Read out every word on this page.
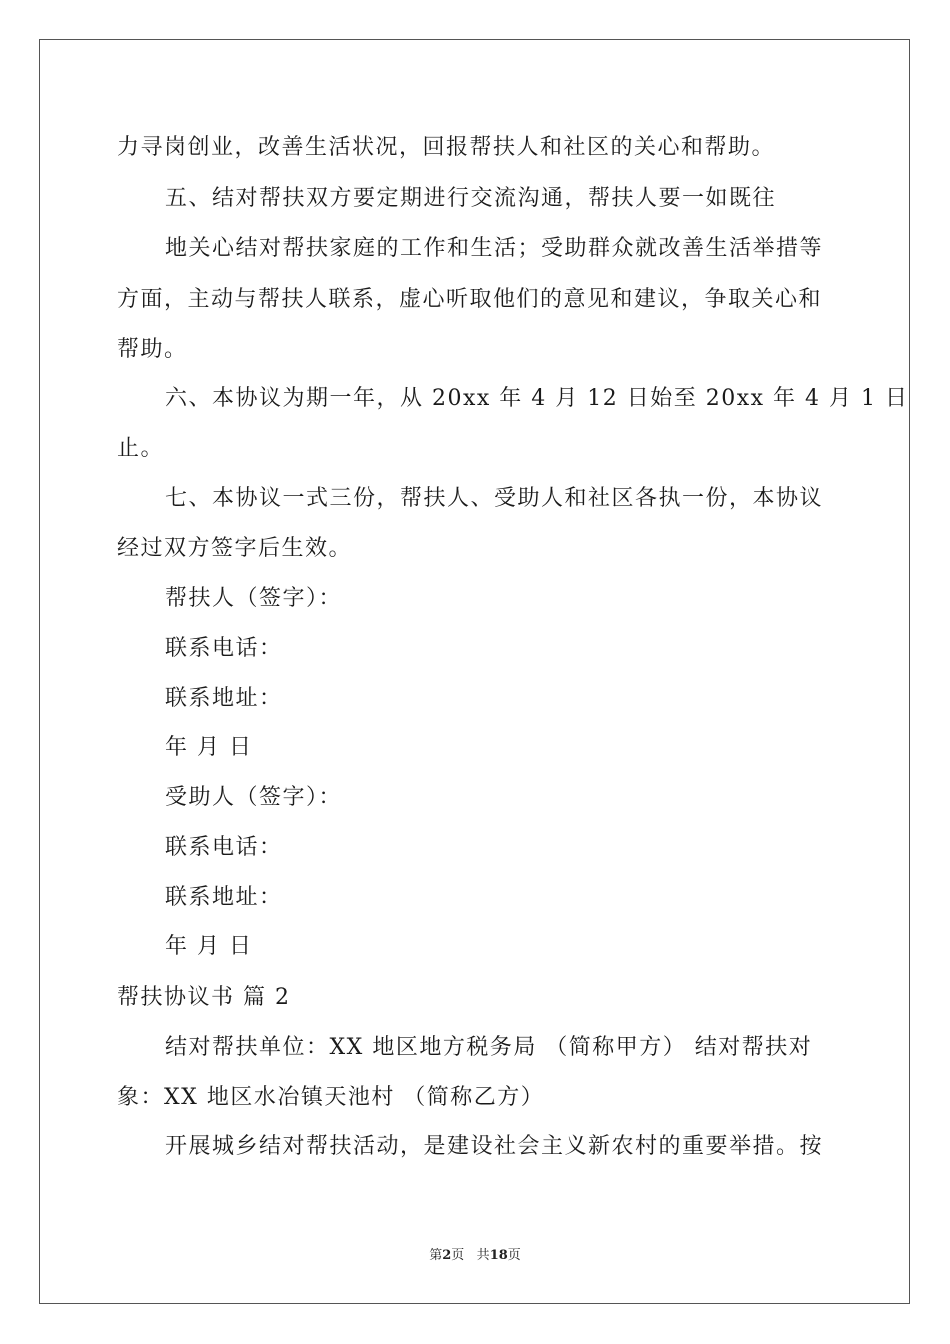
力寻岗创业，改善生活状况，回报帮扶人和社区的关心和帮助。
五、结对帮扶双方要定期进行交流沟通，帮扶人要一如既往
地关心结对帮扶家庭的工作和生活；受助群众就改善生活举措等
方面，主动与帮扶人联系，虚心听取他们的意见和建议，争取关心和
帮助。
六、本协议为期一年，从 20xx 年 4 月 12 日始至 20xx 年 4 月 1 日
止。
七、本协议一式三份，帮扶人、受助人和社区各执一份，本协议
经过双方签字后生效。
帮扶人（签字）：
联系电话：
联系地址：
年 月 日
受助人（签字）：
联系电话：
联系地址：
年 月 日
帮扶协议书 篇 2
结对帮扶单位：XX 地区地方税务局 （简称甲方） 结对帮扶对
象：XX 地区水冶镇天池村 （简称乙方）
开展城乡结对帮扶活动，是建设社会主义新农村的重要举措。按
第2页 共18页
